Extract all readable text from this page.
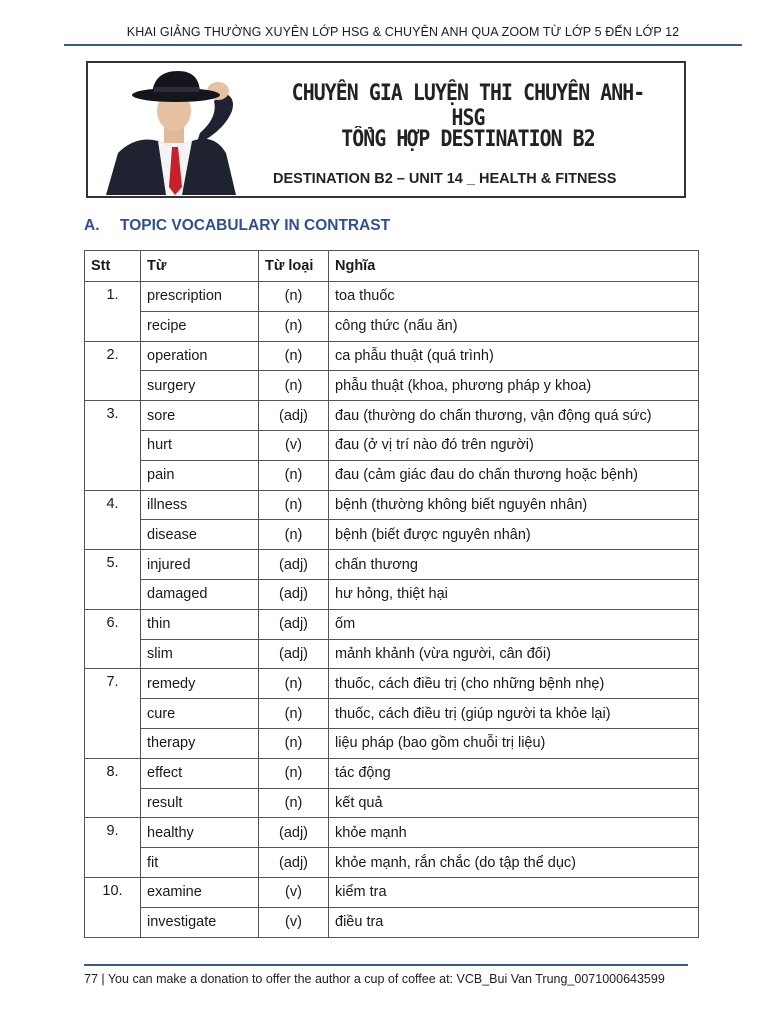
KHAI GIẢNG THƯỜNG XUYÊN LỚP HSG & CHUYÊN ANH QUA ZOOM TỪ LỚP 5 ĐẾN LỚP 12
CHUYÊN GIA LUYỆN THI CHUYÊN ANH-HSG
TỔNG HỢP DESTINATION B2
DESTINATION B2 – UNIT 14 _ HEALTH & FITNESS
A. TOPIC VOCABULARY IN CONTRAST
Stt	Từ	Từ loại	Nghĩa
1.	prescription	(n)	toa thuốc
	recipe	(n)	công thức (nấu ăn)
2.	operation	(n)	ca phẫu thuật (quá trình)
	surgery	(n)	phẫu thuật (khoa, phương pháp y khoa)
3.	sore	(adj)	đau (thường do chấn thương, vận động quá sức)
	hurt	(v)	đau (ở vị trí nào đó trên người)
	pain	(n)	đau (cảm giác đau do chấn thương hoặc bệnh)
4.	illness	(n)	bệnh (thường không biết nguyên nhân)
	disease	(n)	bệnh (biết được nguyên nhân)
5.	injured	(adj)	chấn thương
	damaged	(adj)	hư hỏng, thiệt hại
6.	thin	(adj)	ốm
	slim	(adj)	mảnh khảnh (vừa người, cân đối)
7.	remedy	(n)	thuốc, cách điều trị (cho những bệnh nhẹ)
	cure	(n)	thuốc, cách điều trị (giúp người ta khỏe lại)
	therapy	(n)	liệu pháp (bao gồm chuỗi trị liệu)
8.	effect	(n)	tác động
	result	(n)	kết quả
9.	healthy	(adj)	khỏe mạnh
	fit	(adj)	khỏe mạnh, rắn chắc (do tập thể dục)
10.	examine	(v)	kiểm tra
	investigate	(v)	điều tra
77 | You can make a donation to offer the author a cup of coffee at: VCB_Bui Van Trung_0071000643599
